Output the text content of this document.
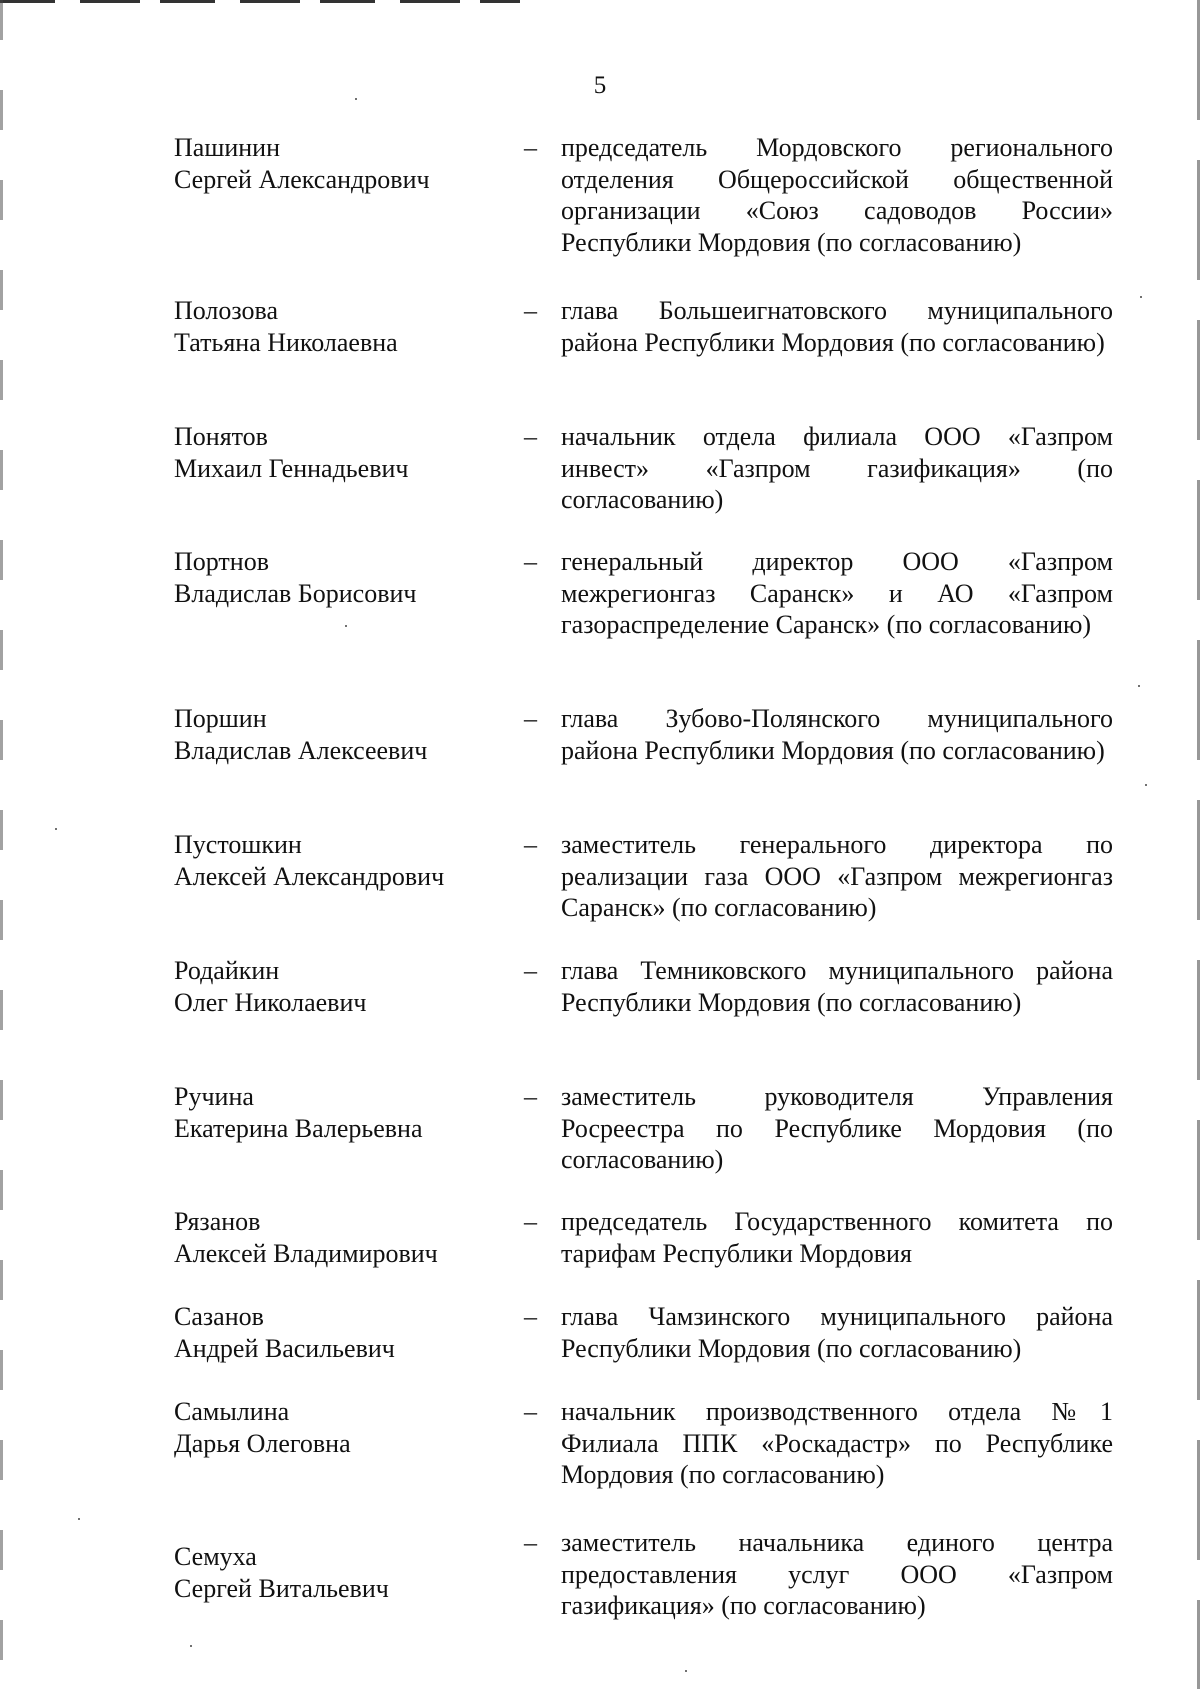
5
Пашинин
Сергей Александрович
– председатель Мордовского регионального отделения Общероссийской общественной организации «Союз садоводов России» Республики Мордовия (по согласованию)
Полозова
Татьяна Николаевна
– глава Большеигнатовского муниципального района Республики Мордовия (по согласованию)
Понятов
Михаил Геннадьевич
– начальник отдела филиала ООО «Газпром инвест» «Газпром газификация» (по согласованию)
Портнов
Владислав Борисович
– генеральный директор ООО «Газпром межрегионгаз Саранск» и АО «Газпром газораспределение Саранск» (по согласованию)
Поршин
Владислав Алексеевич
– глава Зубово-Полянского муниципального района Республики Мордовия (по согласованию)
Пустошкин
Алексей Александрович
– заместитель генерального директора по реализации газа ООО «Газпром межрегионгаз Саранск» (по согласованию)
Родайкин
Олег Николаевич
– глава Темниковского муниципального района Республики Мордовия (по согласованию)
Ручина
Екатерина Валерьевна
– заместитель руководителя Управления Росреестра по Республике Мордовия (по согласованию)
Рязанов
Алексей Владимирович
– председатель Государственного комитета по тарифам Республики Мордовия
Сазанов
Андрей Васильевич
– глава Чамзинского муниципального района Республики Мордовия (по согласованию)
Самылина
Дарья Олеговна
– начальник производственного отдела №1 Филиала ППК «Роскадастр» по Республике Мордовия (по согласованию)
Семуха
Сергей Витальевич
– заместитель начальника единого центра предоставления услуг ООО «Газпром газификация» (по согласованию)
